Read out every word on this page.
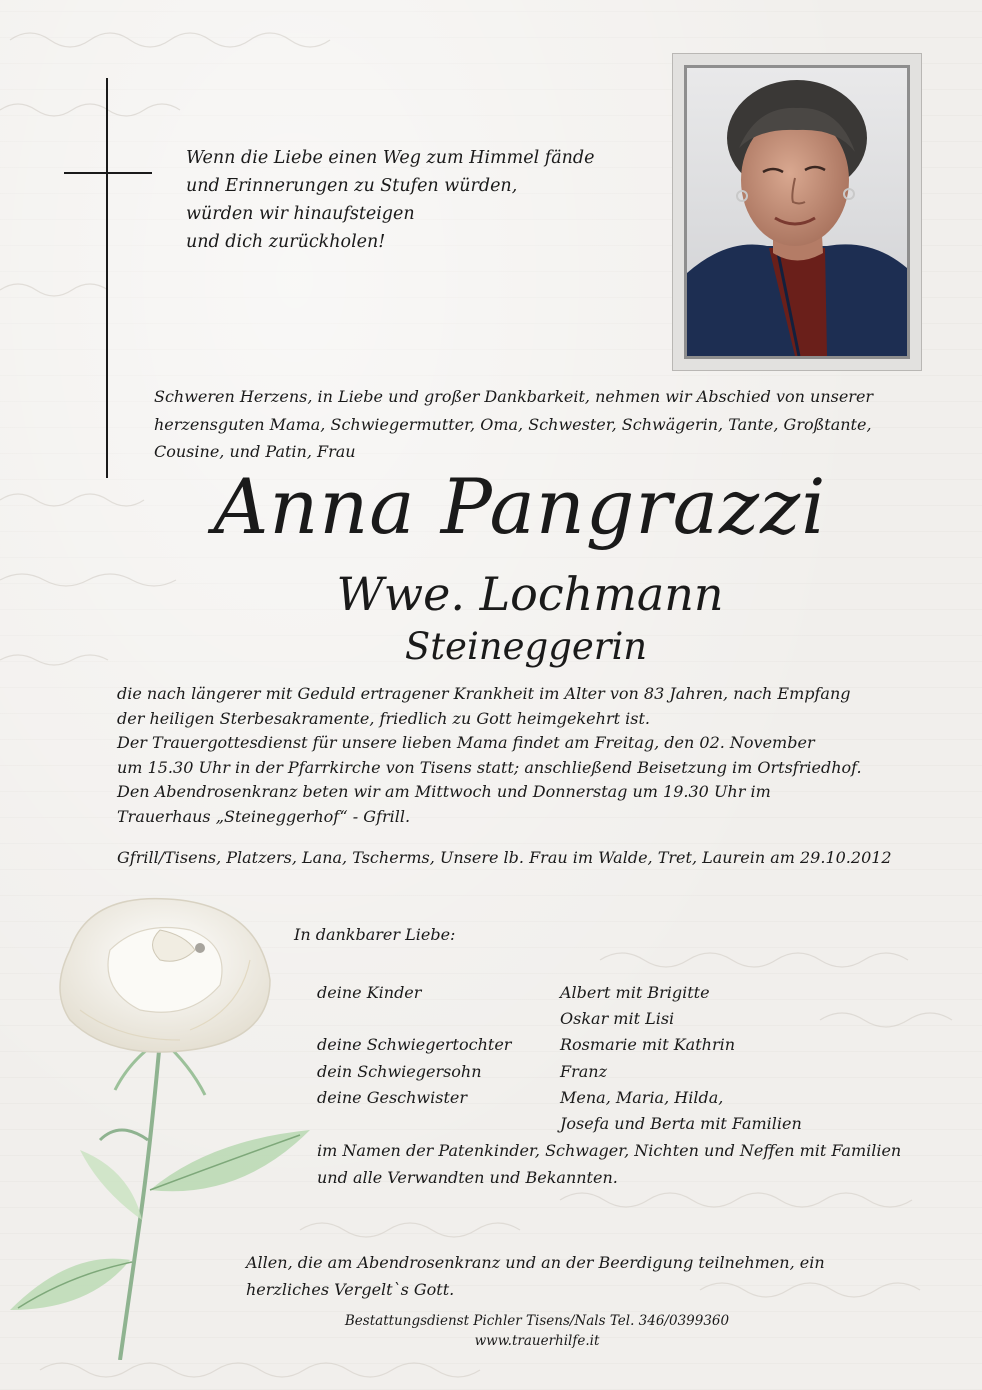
Wenn die Liebe einen Weg zum Himmel fände
und Erinnerungen zu Stufen würden,
würden wir hinaufsteigen
und dich zurückholen!
Schweren Herzens, in Liebe und großer Dankbarkeit, nehmen wir Abschied von unserer
herzensguten Mama, Schwiegermutter, Oma, Schwester, Schwägerin, Tante, Großtante,
Cousine, und Patin, Frau
Anna Pangrazzi
Wwe. Lochmann
Steineggerin
die nach längerer mit Geduld ertragener Krankheit im Alter von 83 Jahren, nach Empfang
der heiligen Sterbesakramente, friedlich zu Gott heimgekehrt ist.
Der Trauergottesdienst für unsere lieben Mama findet am Freitag, den 02. November
um 15.30 Uhr in der Pfarrkirche von Tisens statt; anschließend Beisetzung im Ortsfriedhof.
Den Abendrosenkranz beten wir am Mittwoch und Donnerstag um 19.30 Uhr im
Trauerhaus „Steineggerhof“ - Gfrill.
Gfrill/Tisens, Platzers, Lana, Tscherms, Unsere lb. Frau im Walde, Tret, Laurein am 29.10.2012
In dankbarer Liebe:
deine Kinder	Albert mit Brigitte
Oskar mit Lisi
deine Schwiegertochter	Rosmarie mit Kathrin
dein Schwiegersohn	Franz
deine Geschwister	Mena, Maria, Hilda,
Josefa und Berta mit Familien
im Namen der Patenkinder, Schwager, Nichten und Neffen mit Familien
und alle Verwandten und Bekannten.
Allen, die am Abendrosenkranz und an der Beerdigung teilnehmen, ein
herzliches Vergelt`s Gott.
Bestattungsdienst Pichler Tisens/Nals Tel. 346/0399360
www.trauerhilfe.it
